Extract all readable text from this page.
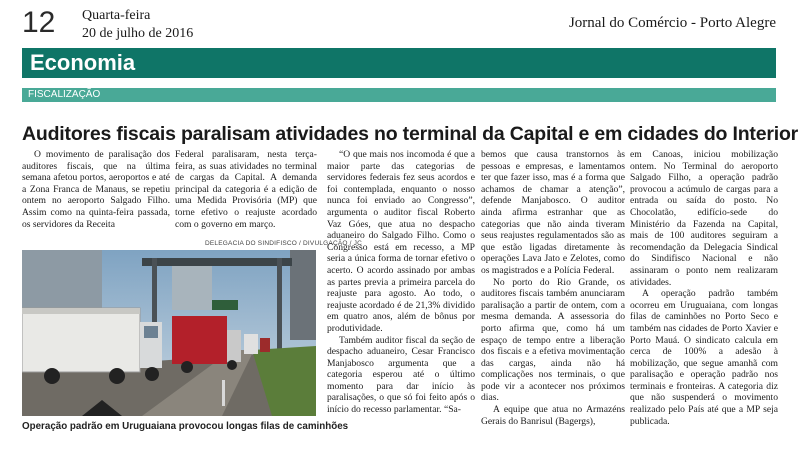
12 Quarta-feira
20 de julho de 2016
Jornal do Comércio - Porto Alegre
Economia
FISCALIZAÇÃO
Auditores fiscais paralisam atividades no terminal da Capital e em cidades do Interior

O movimento de paralisação dos auditores fiscais, que na última semana afetou portos, aeroportos e até a Zona Franca de Manaus, se repetiu ontem no aeroporto Salgado Filho. Assim como na quinta-feira passada, os servidores da Receita

Federal paralisaram, nesta terça-feira, as suas atividades no terminal de cargas da Capital. A demanda principal da categoria é a edição de uma Medida Provisória (MP) que torne efetivo o reajuste acordado com o governo em março.

“O que mais nos incomoda é que a maior parte das categorias de servidores federais fez seus acordos e foi contemplada, enquanto o nosso nunca foi enviado ao Congresso”, argumenta o auditor fiscal Roberto Vaz Góes, que atua no despacho aduaneiro do Salgado Filho. Como o Congresso está em recesso, a MP seria a única forma de tornar efetivo o acerto. O acordo assinado por ambas as partes previa a primeira parcela do reajuste para agosto. Ao todo, o reajuste acordado é de 21,3% dividido em quatro anos, além de bônus por produtividade.

Também auditor fiscal da seção de despacho aduaneiro, Cesar Francisco Manjabosco argumenta que a categoria esperou até o último momento para dar início às paralisações, o que só foi feito após o início do recesso parlamentar. “Sa-

bemos que causa transtornos às pessoas e empresas, e lamentamos ter que fazer isso, mas é a forma que achamos de chamar a atenção”, defende Manjabosco. O auditor ainda afirma estranhar que as categorias que não ainda tiveram seus reajustes regulamentados são as que estão ligadas diretamente às operações Lava Jato e Zelotes, como os magistrados e a Polícia Federal.

No porto do Rio Grande, os auditores fiscais também anunciaram paralisação a partir de ontem, com a mesma demanda. A assessoria do porto afirma que, como há um espaço de tempo entre a liberação dos fiscais e a efetiva movimentação das cargas, ainda não há complicações nos terminais, o que pode vir a acontecer nos próximos dias.

A equipe que atua no Armazéns Gerais do Banrisul (Bagergs),

em Canoas, iniciou mobilização ontem. No Terminal do aeroporto Salgado Filho, a operação padrão provocou a acúmulo de cargas para a entrada ou saída do posto. No Chocolatão, edifício-sede do Ministério da Fazenda na Capital, mais de 100 auditores seguiram a recomendação da Delegacia Sindical do Sindifisco Nacional e não assinaram o ponto nem realizaram atividades.

A operação padrão também ocorreu em Uruguaiana, com longas filas de caminhões no Porto Seco e também nas cidades de Porto Xavier e Porto Mauá. O sindicato calcula em cerca de 100% a adesão à mobilização, que segue amanhã com paralisação e operação padrão nos terminais e fronteiras. A categoria diz que não suspenderá o movimento realizado pelo País até que a MP seja publicada.

DELEGACIA DO SINDIFISCO / DIVULGAÇÃO / JC
Operação padrão em Uruguaiana provocou longas filas de caminhões
